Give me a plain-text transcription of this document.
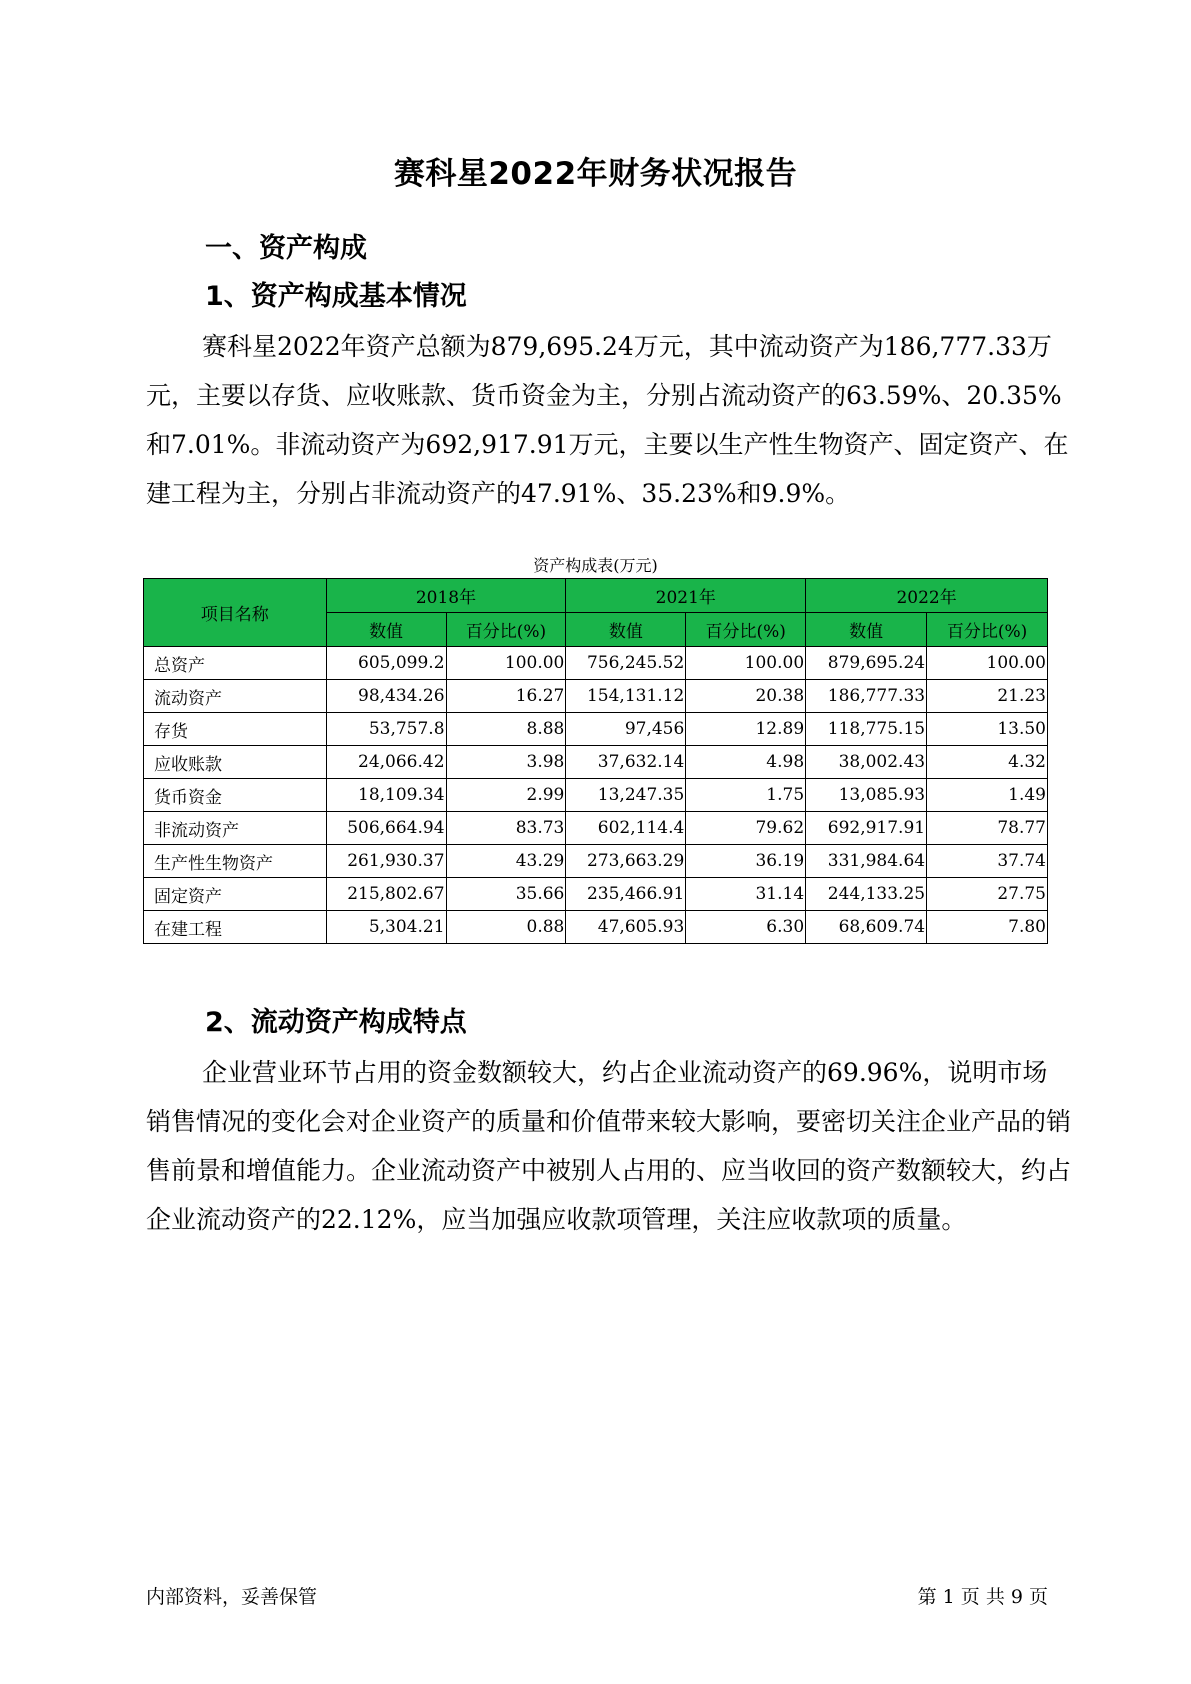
赛科星2022年财务状况报告
一、资产构成
1、资产构成基本情况

赛科星2022年资产总额为879,695.24万元，其中流动资产为186,777.33万元，主要以存货、应收账款、货币资金为主，分别占流动资产的63.59%、20.35%和7.01%。非流动资产为692,917.91万元，主要以生产性生物资产、固定资产、在建工程为主，分别占非流动资产的47.91%、35.23%和9.9%。

资产构成表(万元)
项目名称	2018年		2021年		2022年	
	数值	百分比(%)	数值	百分比(%)	数值	百分比(%)
总资产	605,099.2	100.00	756,245.52	100.00	879,695.24	100.00
流动资产	98,434.26	16.27	154,131.12	20.38	186,777.33	21.23
存货	53,757.8	8.88	97,456	12.89	118,775.15	13.50
应收账款	24,066.42	3.98	37,632.14	4.98	38,002.43	4.32
货币资金	18,109.34	2.99	13,247.35	1.75	13,085.93	1.49
非流动资产	506,664.94	83.73	602,114.4	79.62	692,917.91	78.77
生产性生物资产	261,930.37	43.29	273,663.29	36.19	331,984.64	37.74
固定资产	215,802.67	35.66	235,466.91	31.14	244,133.25	27.75
在建工程	5,304.21	0.88	47,605.93	6.30	68,609.74	7.80
2、流动资产构成特点

企业营业环节占用的资金数额较大，约占企业流动资产的69.96%，说明市场销售情况的变化会对企业资产的质量和价值带来较大影响，要密切关注企业产品的销售前景和增值能力。企业流动资产中被别人占用的、应当收回的资产数额较大，约占企业流动资产的22.12%，应当加强应收款项管理，关注应收款项的质量。

内部资料，妥善保管	第 1 页 共 9 页
